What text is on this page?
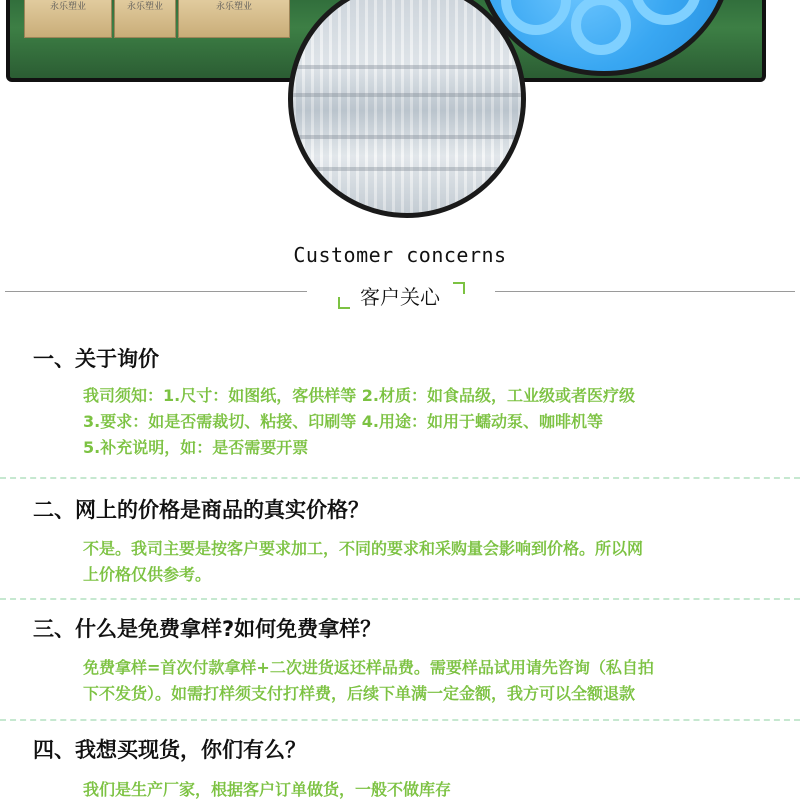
永乐塑业	永乐塑业	永乐塑业
Customer concerns
客户关心
一、关于询价
我司须知：1.尺寸：如图纸，客供样等 2.材质：如食品级，工业级或者医疗级
3.要求：如是否需裁切、粘接、印刷等 4.用途：如用于蠕动泵、咖啡机等
5.补充说明，如：是否需要开票
二、网上的价格是商品的真实价格？
不是。我司主要是按客户要求加工，不同的要求和采购量会影响到价格。所以网
上价格仅供参考。
三、什么是免费拿样?如何免费拿样？
免费拿样=首次付款拿样+二次进货返还样品费。需要样品试用请先咨询（私自拍
下不发货）。如需打样须支付打样费，后续下单满一定金额，我方可以全额退款
四、我想买现货，你们有么？
我们是生产厂家，根据客户订单做货，一般不做库存
